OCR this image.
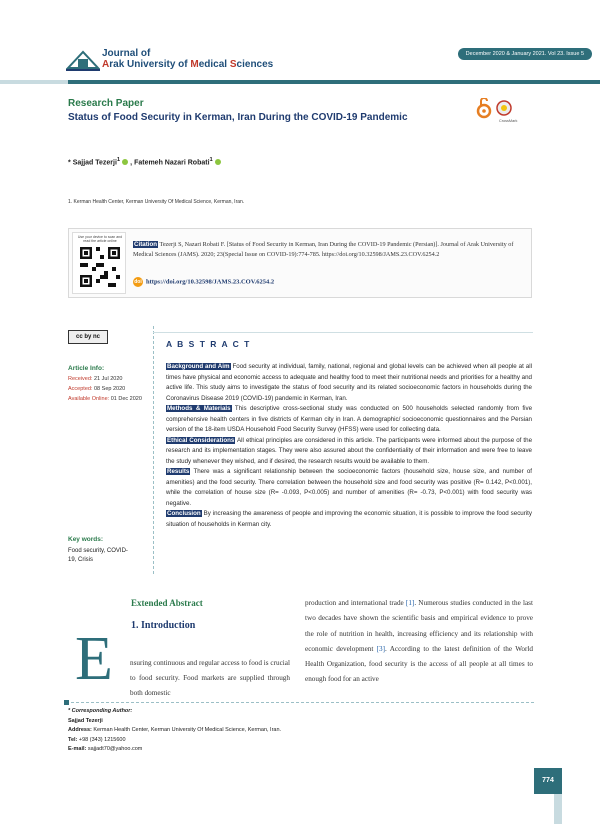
Journal of
Arak University of Medical Sciences
December 2020 & January 2021. Vol 23. Issue 5
Research Paper
Status of Food Security in Kerman, Iran During the COVID-19 Pandemic	CrossMark
* Sajjad Tezerji$^1$ , Fatemeh Nazari Robati$^1$
1. Kerman Health Center, Kerman University Of Medical Science, Kerman, Iran.
Use your device to scan and read the article online	Citation Tezerji S, Nazari Robati F. [Status of Food Security in Kerman, Iran During the COVID-19 Pandemic (Persian)]. Journal of Arak University of Medical Sciences (JAMS). 2020; 23(Special Issue on COVID-19):774-785. https://doi.org/10.32598/JAMS.23.COV.6254.2
doi https://doi.org/10.32598/JAMS.23.COV.6254.2
cc by nc
Article Info:
Received: 21 Jul 2020
Accepted: 08 Sep 2020
Available Online: 01 Dec 2020
Key words:
Food security, COVID-19, Crisis
A B S T R A C T

Background and Aim Food security at individual, family, national, regional and global levels can be achieved when all people at all times have physical and economic access to adequate and healthy food to meet their nutritional needs and priorities for a healthy and active life. This study aims to investigate the status of food security and its related socioeconomic factors in households during the Coronavirus Disease 2019 (COVID-19) pandemic in Kerman, Iran.

Methods & Materials This descriptive cross-sectional study was conducted on 500 households selected randomly from five comprehensive health centers in five districts of Kerman city in Iran. A demographic/ socioeconomic questionnaires and the Persian version of the 18-item USDA Household Food Security Survey (HFSS) were used for collecting data.

Ethical Considerations All ethical principles are considered in this article. The participants were informed about the purpose of the research and its implementation stages. They were also assured about the confidentiality of their information and were free to leave the study whenever they wished, and if desired, the research results would be available to them.

Results There was a significant relationship between the socioeconomic factors (household size, house size, and number of amenities) and the food security. There correlation between the household size and food security was positive (R= 0.142, P<0.001), while the correlation of house size (R= -0.093, P<0.005) and number of amenities (R= -0.73, P<0.001) with food security was negative.

Conclusion By increasing the awareness of people and improving the economic situation, it is possible to improve the food security situation of households in Kerman city.

Extended Abstract
1. Introduction
E nsuring continuous and regular access to food is crucial to food security. Food markets are supplied through both domestic
production and international trade [1]. Numerous studies conducted in the last two decades have shown the scientific basis and empirical evidence to prove the role of nutrition in health, increasing efficiency and its relationship with economic development [3]. According to the latest definition of the World Health Organization, food security is the access of all people at all times to enough food for an active
* Corresponding Author:
Sajjad Tezerji
Address: Kerman Health Center, Kerman University Of Medical Science, Kerman, Iran.
Tel: +98 (343) 1215600
E-mail: sajjadt70@yahoo.com
774
